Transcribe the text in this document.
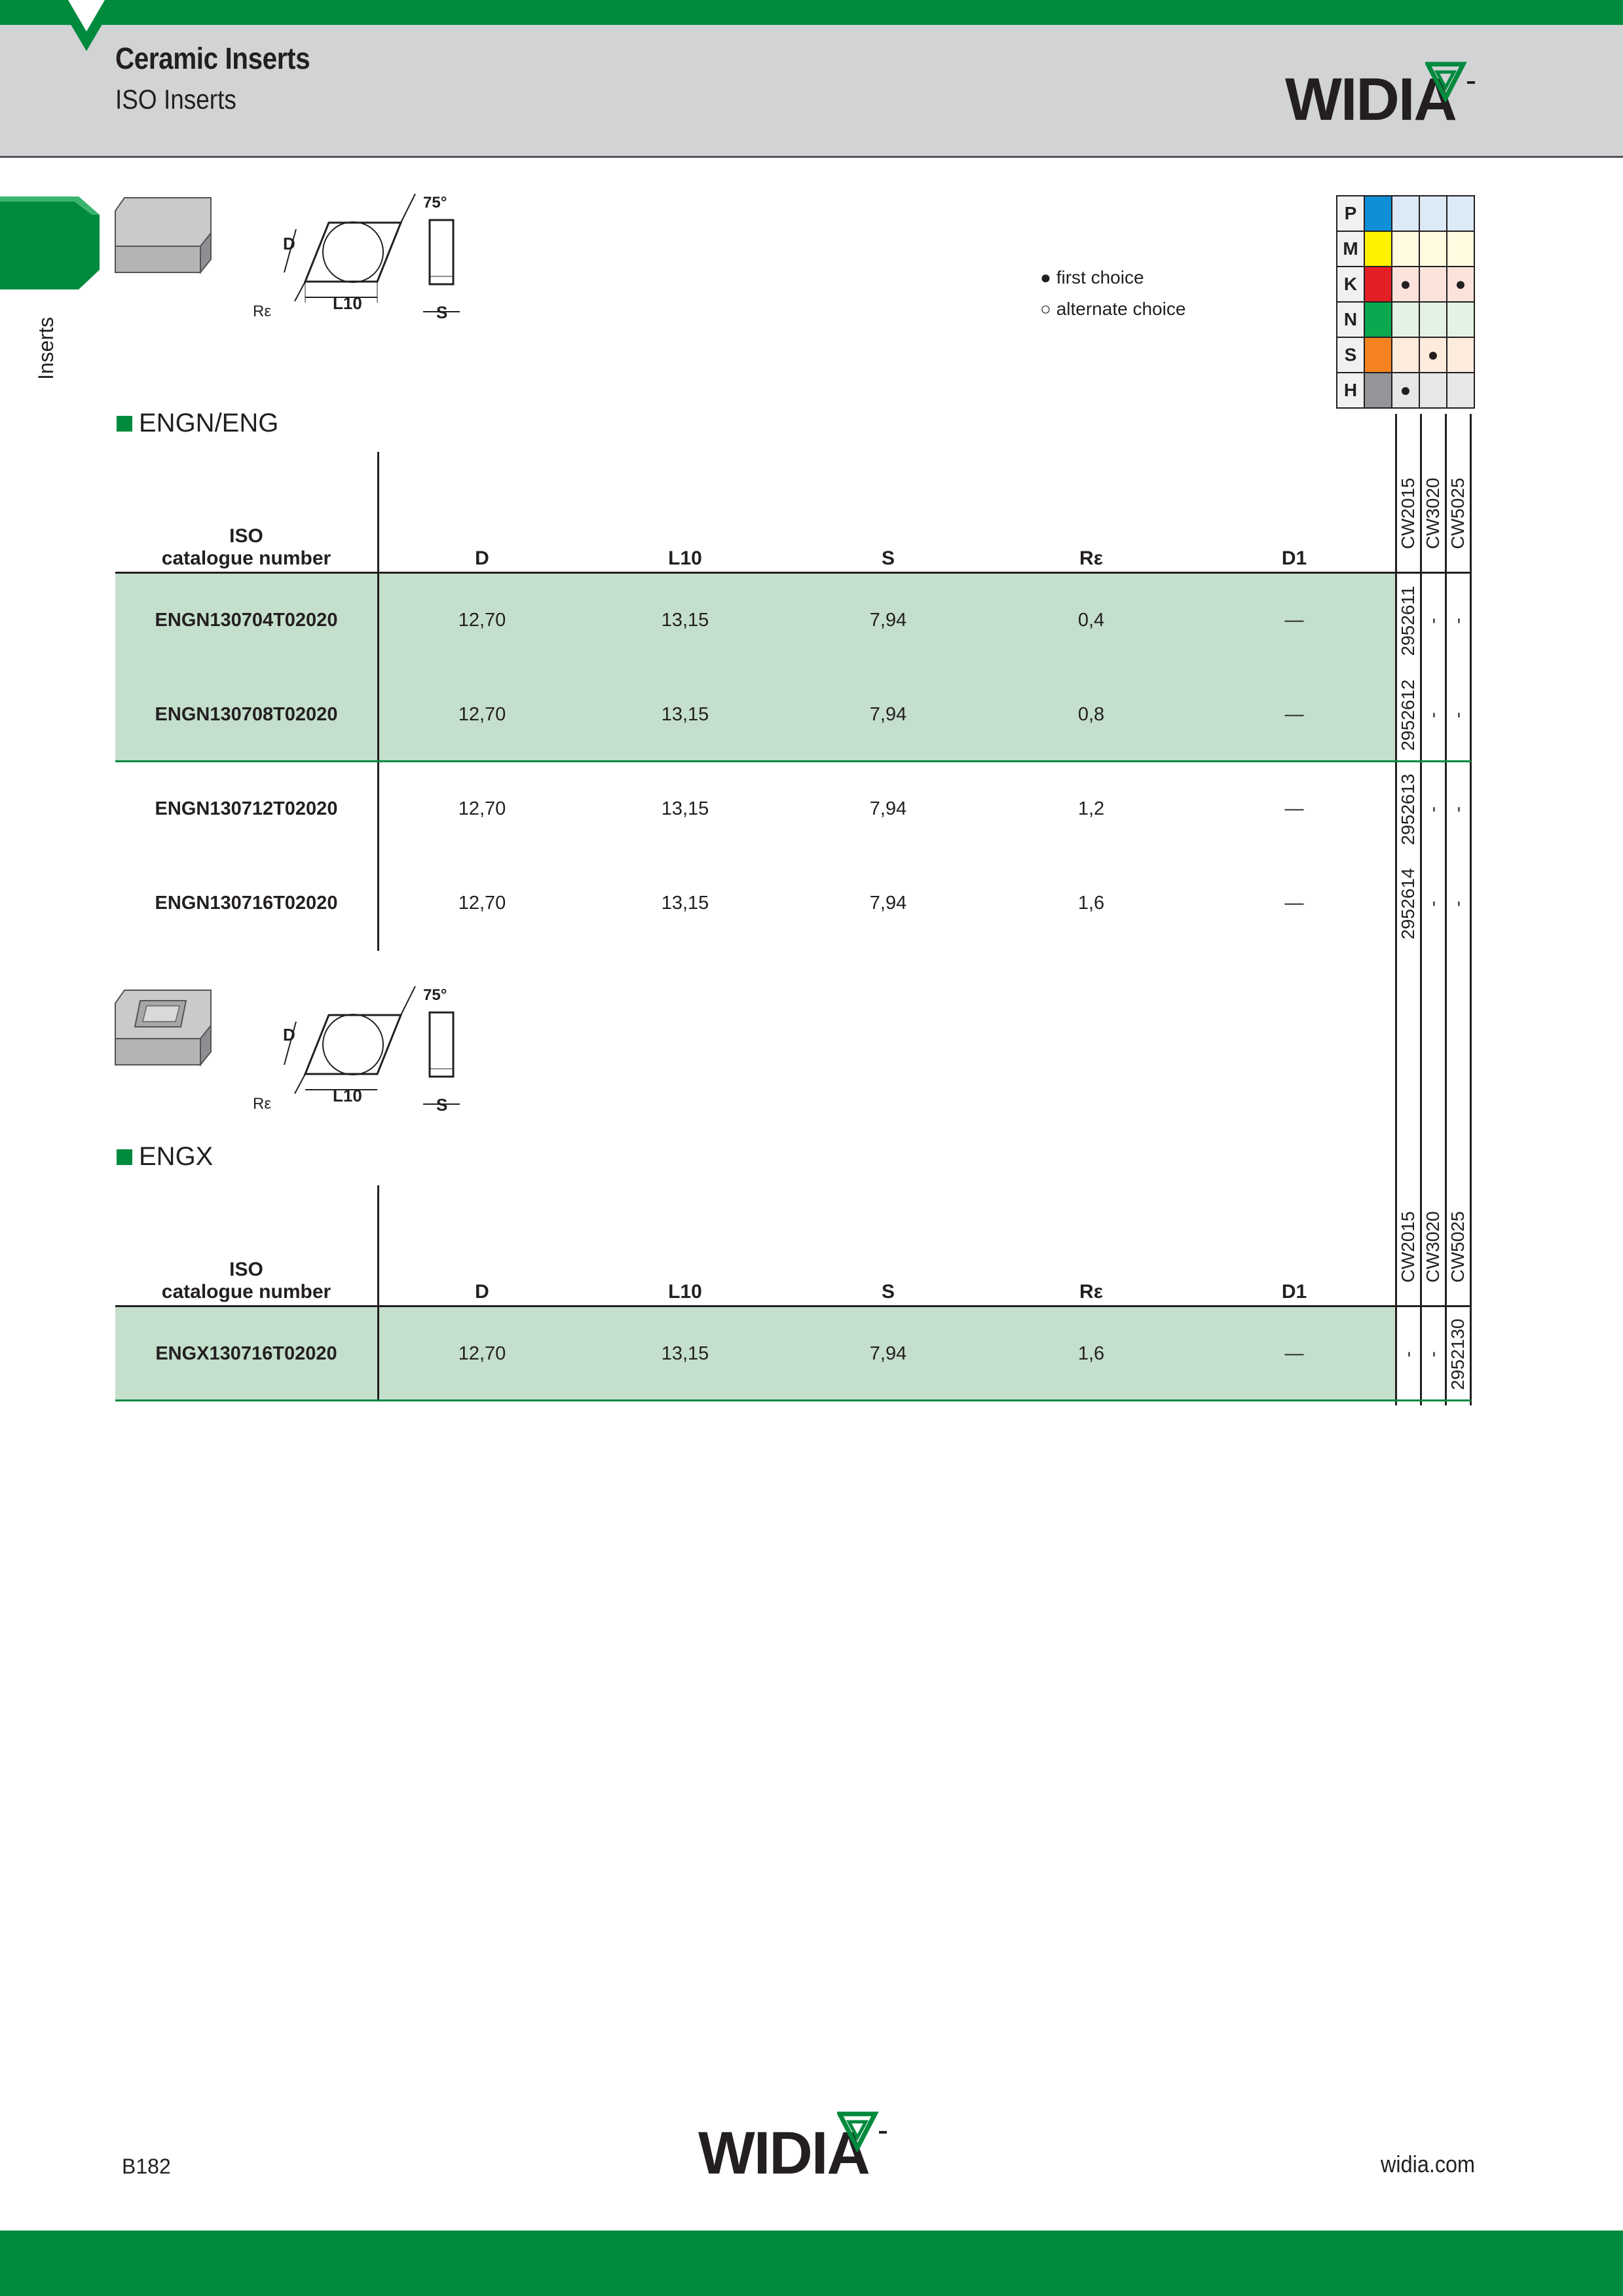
Ceramic Inserts
ISO Inserts	WIDIA
Inserts
D
L10	S
Rε
75°
● first choice
○ alternate choice
P				
M				
K		●		●
N				
S			●	
H		●		
ENGN/ENG
ISO
catalogue number	D	L10	S	Rε	D1
CW2015 CW3020 CW5025
ENGN130704T02020	12,70	13,15	7,94	0,4	—	2952611 - -
ENGN130708T02020	12,70	13,15	7,94	0,8	—	2952612 - -
ENGN130712T02020	12,70	13,15	7,94	1,2	—	2952613 - -
ENGN130716T02020	12,70	13,15	7,94	1,6	—	2952614 - -
D
L10	S
Rε
75°
ENGX
ISO
catalogue number	D	L10	S	Rε	D1
CW2015 CW3020 CW5025
ENGX130716T02020	12,70	13,15	7,94	1,6	—	- - 2952130
B182	WIDIA	widia.com
